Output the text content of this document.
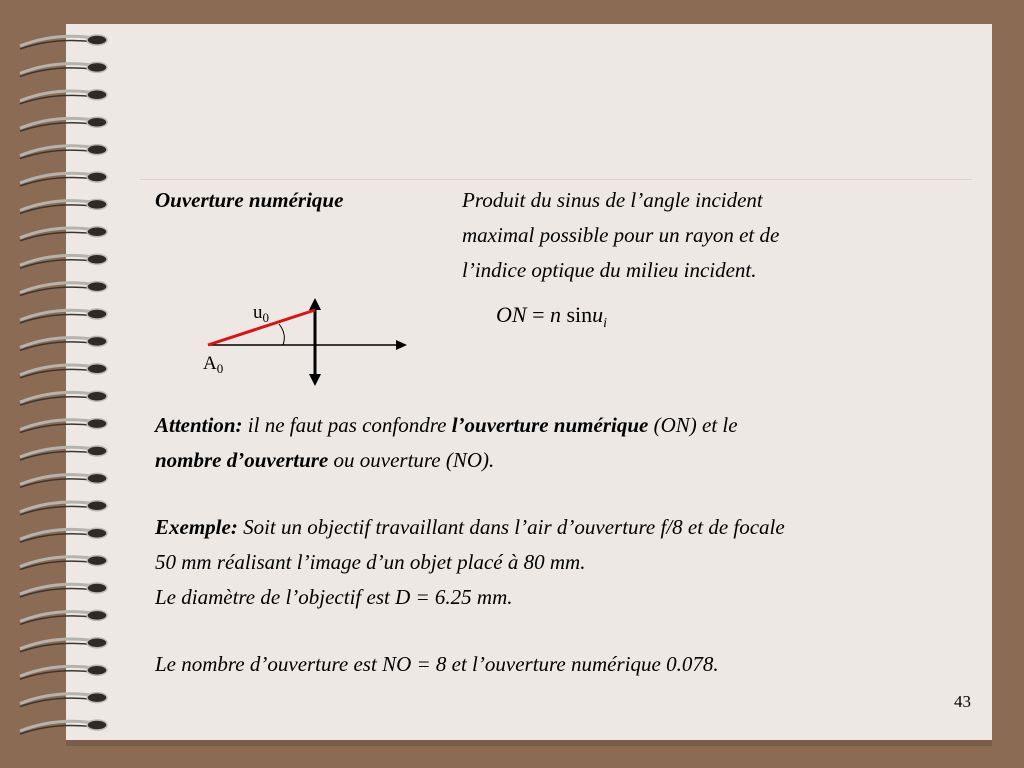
Ouverture numérique	Produit du sinus de l’angle incident
maximal possible pour un rayon et de
l’indice optique du milieu incident.
ON = n sinu$_i$
$u_0$
$A_0$
Attention: il ne faut pas confondre l’ouverture numérique (ON) et le
nombre d’ouverture ou ouverture (NO).
Exemple: Soit un objectif travaillant dans l’air d’ouverture f/8 et de focale
50 mm réalisant l’image d’un objet placé à 80 mm.
Le diamètre de l’objectif est D = 6.25 mm.
Le nombre d’ouverture est NO = 8 et l’ouverture numérique 0.078.
43
